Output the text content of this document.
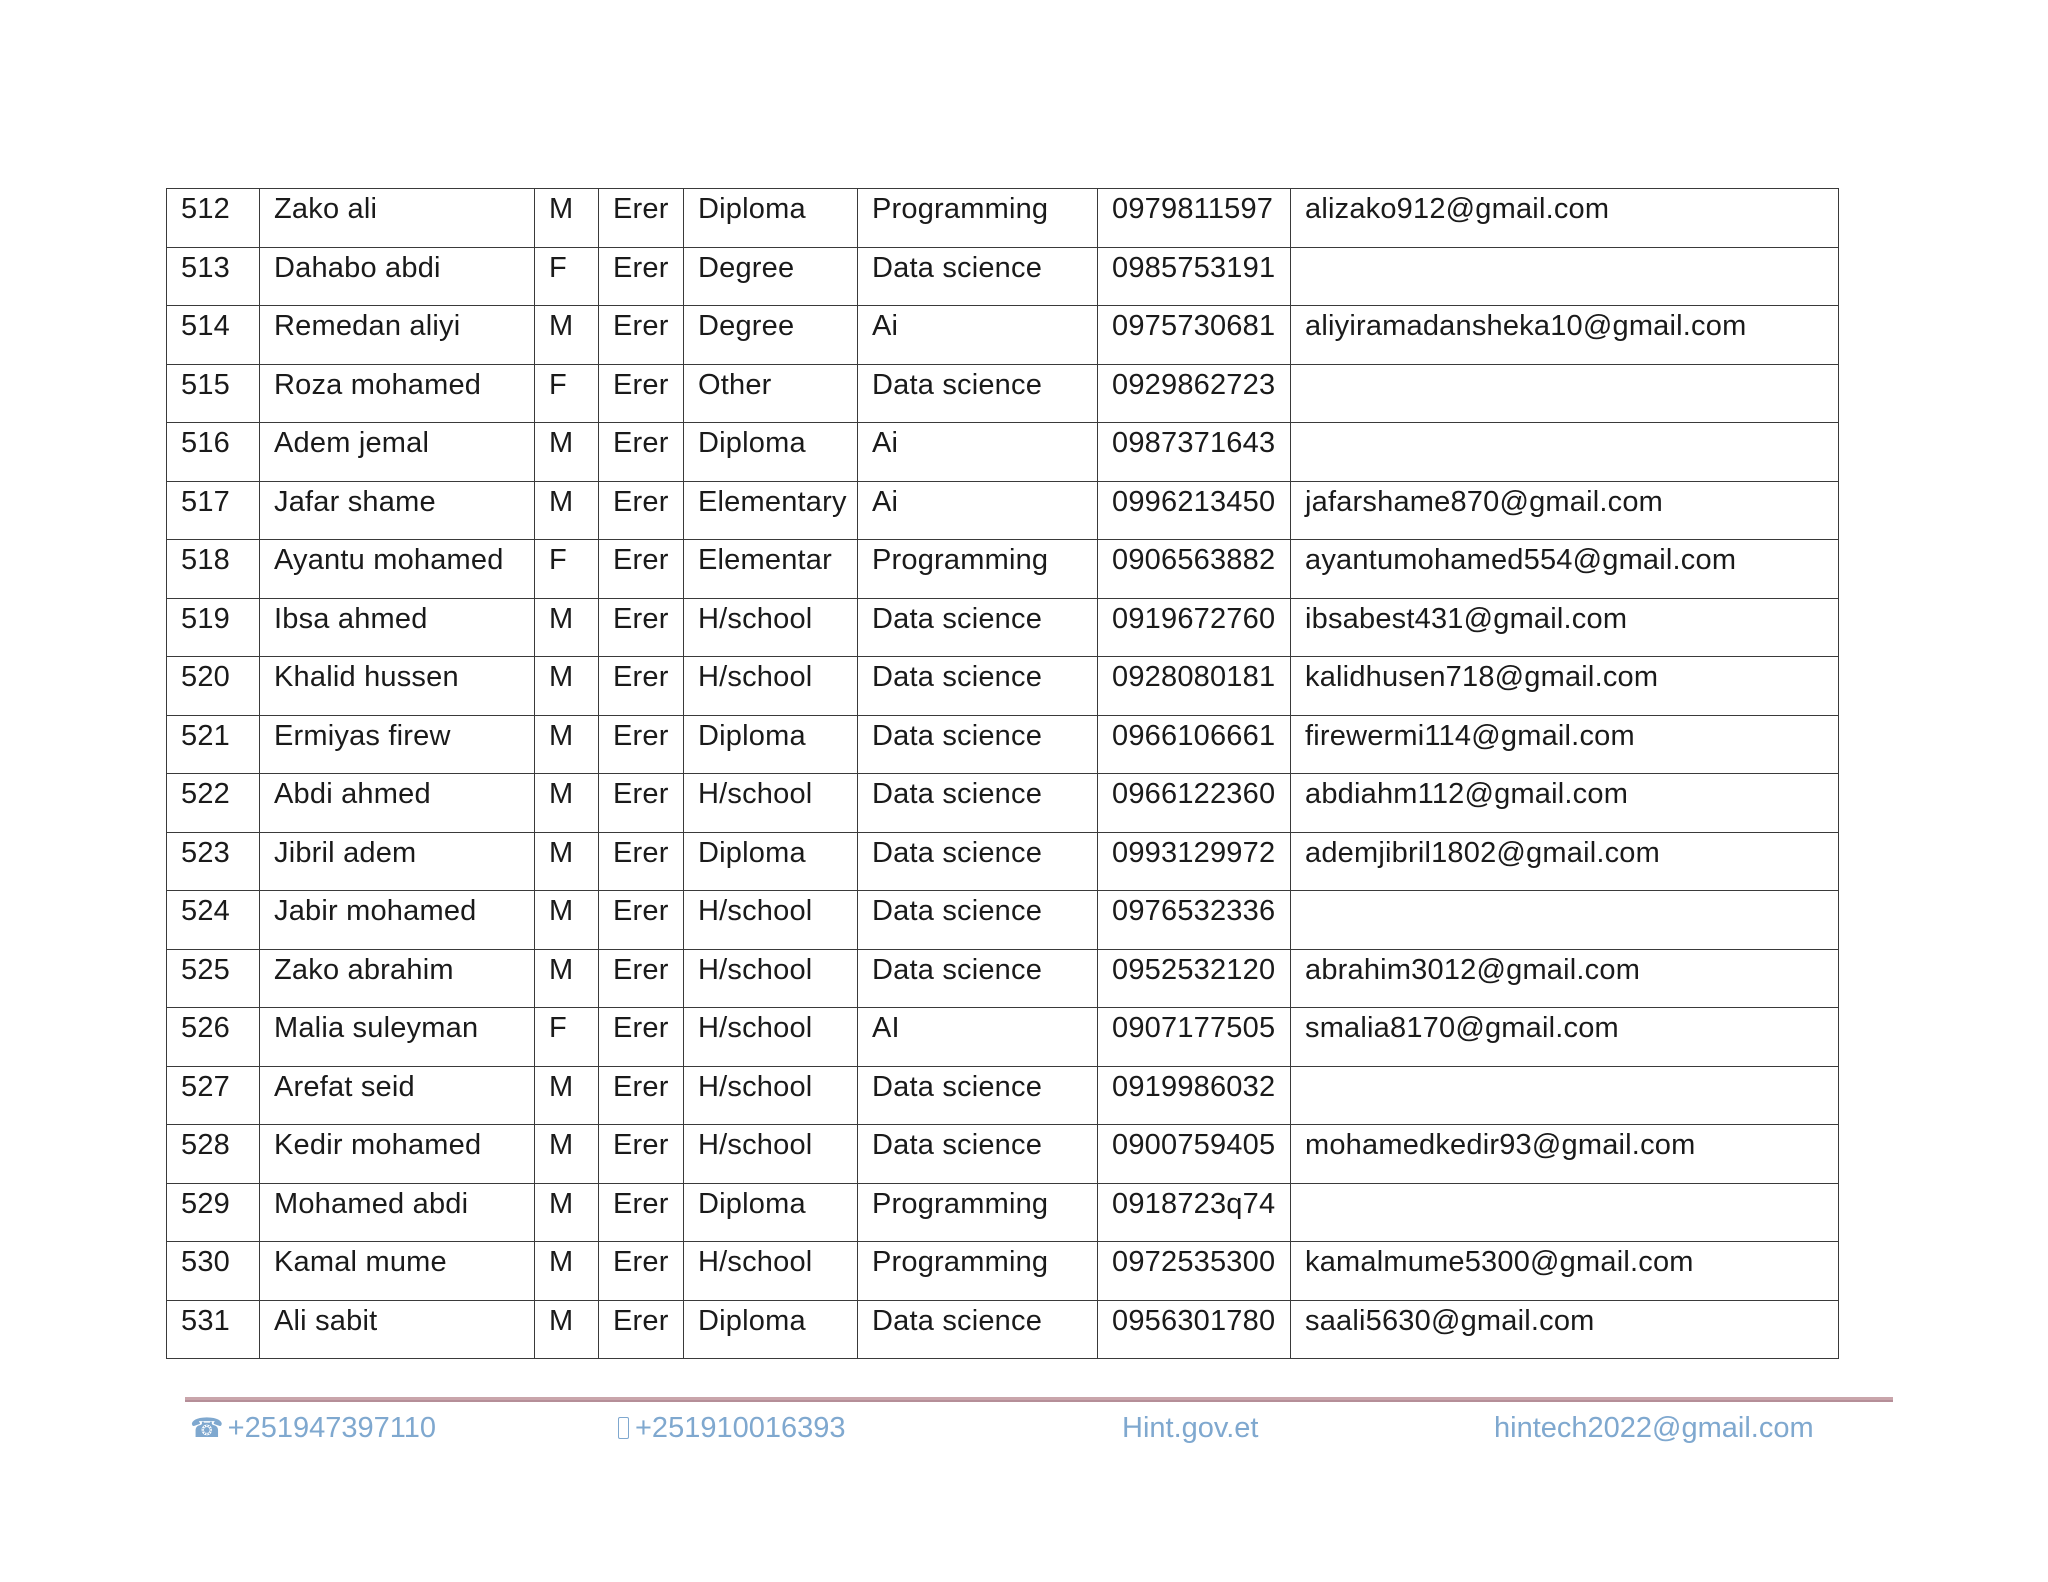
512	Zako ali	M	Erer	Diploma	Programming	0979811597	alizako912@gmail.com

513	Dahabo abdi	F	Erer	Degree	Data science	0985753191	

514	Remedan aliyi	M	Erer	Degree	Ai	0975730681	aliyiramadansheka10@gmail.com

515	Roza mohamed	F	Erer	Other	Data science	0929862723	

516	Adem jemal	M	Erer	Diploma	Ai	0987371643	

517	Jafar shame	M	Erer	Elementary	Ai	0996213450	jafarshame870@gmail.com

518	Ayantu mohamed	F	Erer	Elementar	Programming	0906563882	ayantumohamed554@gmail.com

519	Ibsa ahmed	M	Erer	H/school	Data science	0919672760	ibsabest431@gmail.com

520	Khalid hussen	M	Erer	H/school	Data science	0928080181	kalidhusen718@gmail.com

521	Ermiyas firew	M	Erer	Diploma	Data science	0966106661	firewermi114@gmail.com

522	Abdi ahmed	M	Erer	H/school	Data science	0966122360	abdiahm112@gmail.com

523	Jibril adem	M	Erer	Diploma	Data science	0993129972	ademjibril1802@gmail.com

524	Jabir mohamed	M	Erer	H/school	Data science	0976532336	

525	Zako abrahim	M	Erer	H/school	Data science	0952532120	abrahim3012@gmail.com

526	Malia suleyman	F	Erer	H/school	AI	0907177505	smalia8170@gmail.com

527	Arefat seid	M	Erer	H/school	Data science	0919986032	

528	Kedir mohamed	M	Erer	H/school	Data science	0900759405	mohamedkedir93@gmail.com

529	Mohamed abdi	M	Erer	Diploma	Programming	0918723q74	

530	Kamal mume	M	Erer	H/school	Programming	0972535300	kamalmume5300@gmail.com

531	Ali sabit	M	Erer	Diploma	Data science	0956301780	saali5630@gmail.com
☎ +251947397110	+251910016393	Hint.gov.et	hintech2022@gmail.com
